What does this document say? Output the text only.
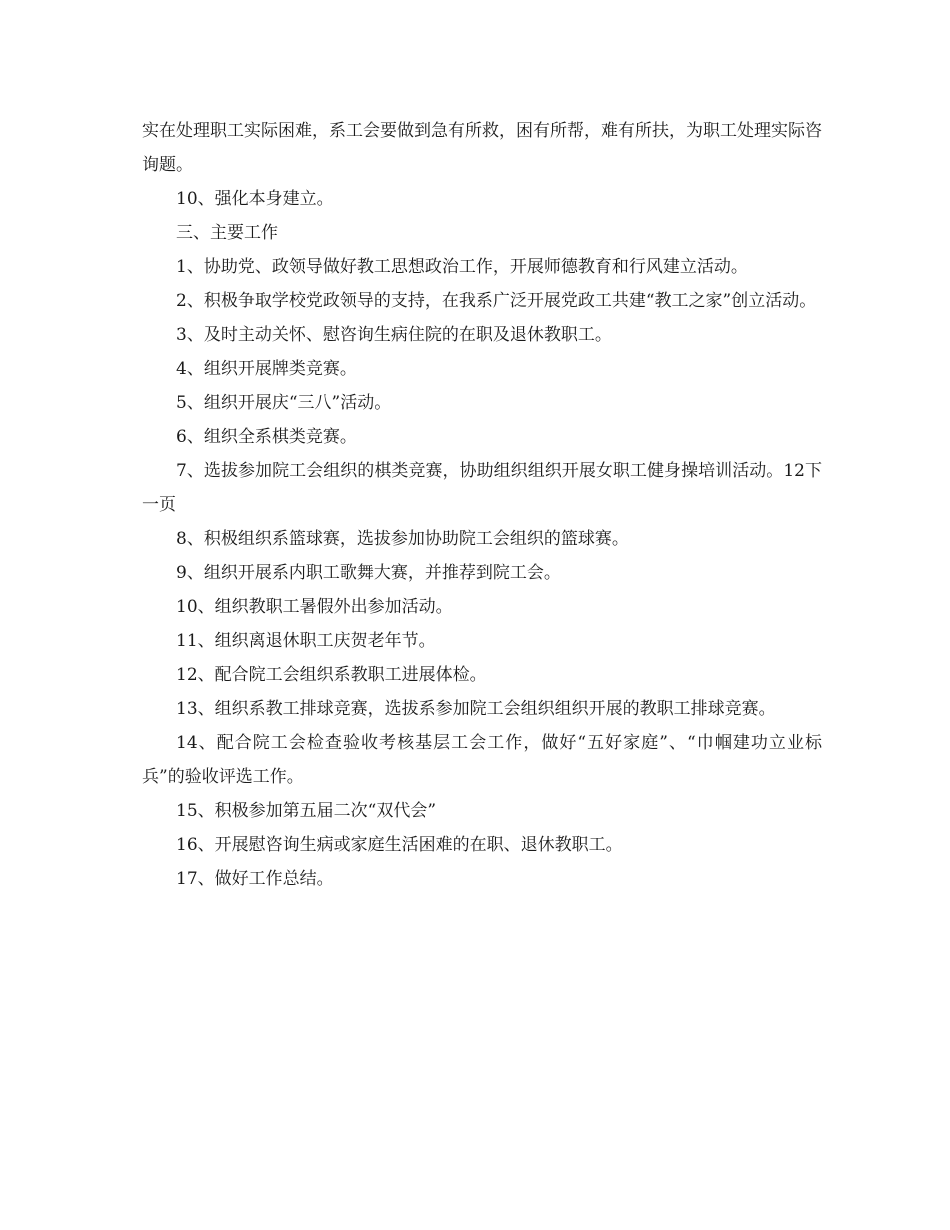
实在处理职工实际困难，系工会要做到急有所救，困有所帮，难有所扶，为职工处理实际咨询题。

10、强化本身建立。

三、主要工作

1、协助党、政领导做好教工思想政治工作，开展师德教育和行风建立活动。

2、积极争取学校党政领导的支持，在我系广泛开展党政工共建“教工之家”创立活动。

3、及时主动关怀、慰咨询生病住院的在职及退休教职工。

4、组织开展牌类竞赛。

5、组织开展庆“三八”活动。

6、组织全系棋类竞赛。

7、选拔参加院工会组织的棋类竞赛，协助组织组织开展女职工健身操培训活动。12下一页

8、积极组织系篮球赛，选拔参加协助院工会组织的篮球赛。

9、组织开展系内职工歌舞大赛，并推荐到院工会。

10、组织教职工暑假外出参加活动。

11、组织离退休职工庆贺老年节。

12、配合院工会组织系教职工进展体检。

13、组织系教工排球竞赛，选拔系参加院工会组织组织开展的教职工排球竞赛。

14、配合院工会检查验收考核基层工会工作，做好“五好家庭”、“巾帼建功立业标兵”的验收评选工作。

15、积极参加第五届二次“双代会”

16、开展慰咨询生病或家庭生活困难的在职、退休教职工。

17、做好工作总结。
